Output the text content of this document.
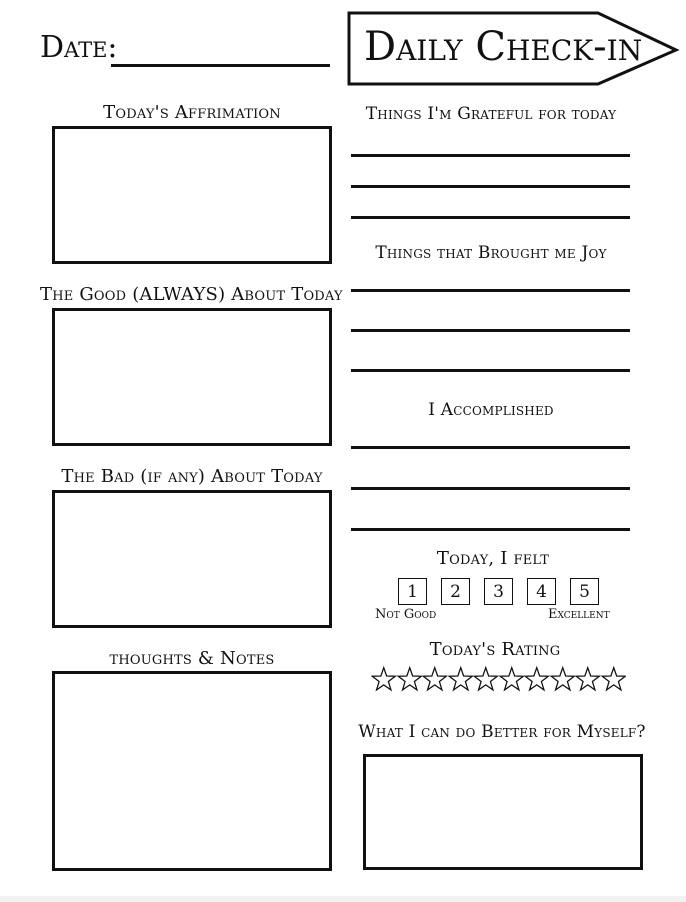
Date:	Daily Check-in
Today's Affrimation
The Good (ALWAYS) About Today
The Bad (if any) About Today
thoughts & Notes
Things I'm Grateful for today
Things that Brought me Joy
I Accomplished
Today, I felt
1	2	3	4	5
Not Good	Excellent
Today's Rating
What I can do Better for Myself?
